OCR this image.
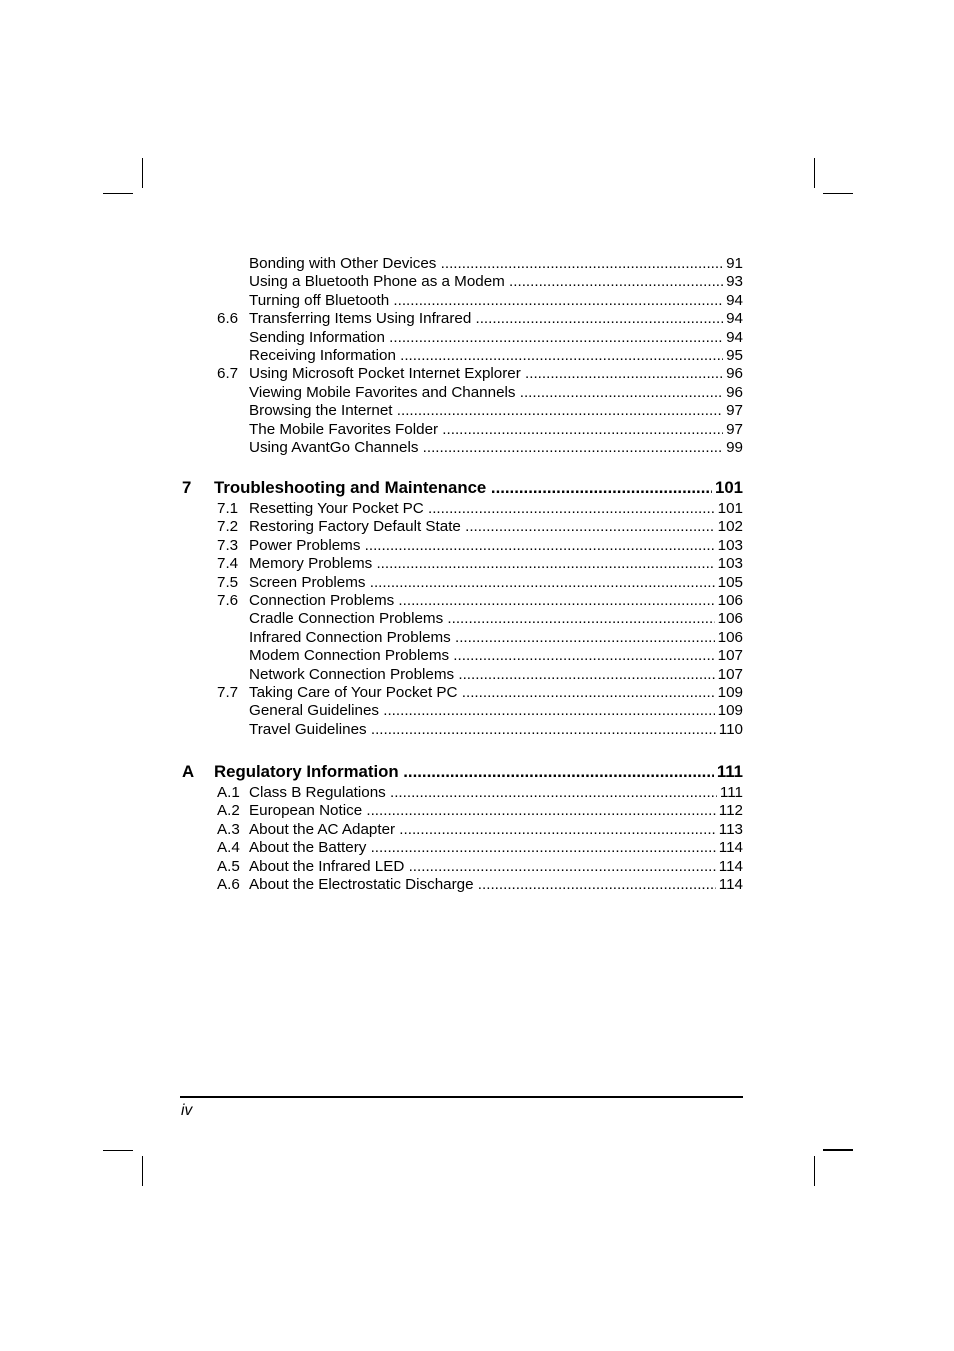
Bonding with Other Devices .....	91
Using a Bluetooth Phone as a Modem .....	93
Turning off Bluetooth .....	94
6.6 Transferring Items Using Infrared .....	94
Sending Information .....	94
Receiving Information .....	95
6.7 Using Microsoft Pocket Internet Explorer .....	96
Viewing Mobile Favorites and Channels .....	96
Browsing the Internet .....	97
The Mobile Favorites Folder .....	97
Using AvantGo Channels .....	99
7 Troubleshooting and Maintenance .....	101
7.1 Resetting Your Pocket PC .....	101
7.2 Restoring Factory Default State .....	102
7.3 Power Problems .....	103
7.4 Memory Problems .....	103
7.5 Screen Problems .....	105
7.6 Connection Problems .....	106
Cradle Connection Problems .....	106
Infrared Connection Problems .....	106
Modem Connection Problems .....	107
Network Connection Problems .....	107
7.7 Taking Care of Your Pocket PC .....	109
General Guidelines .....	109
Travel Guidelines .....	110
A Regulatory Information .....	111
A.1 Class B Regulations .....	111
A.2 European Notice .....	112
A.3 About the AC Adapter .....	113
A.4 About the Battery .....	114
A.5 About the Infrared LED .....	114
A.6 About the Electrostatic Discharge .....	114
iv
